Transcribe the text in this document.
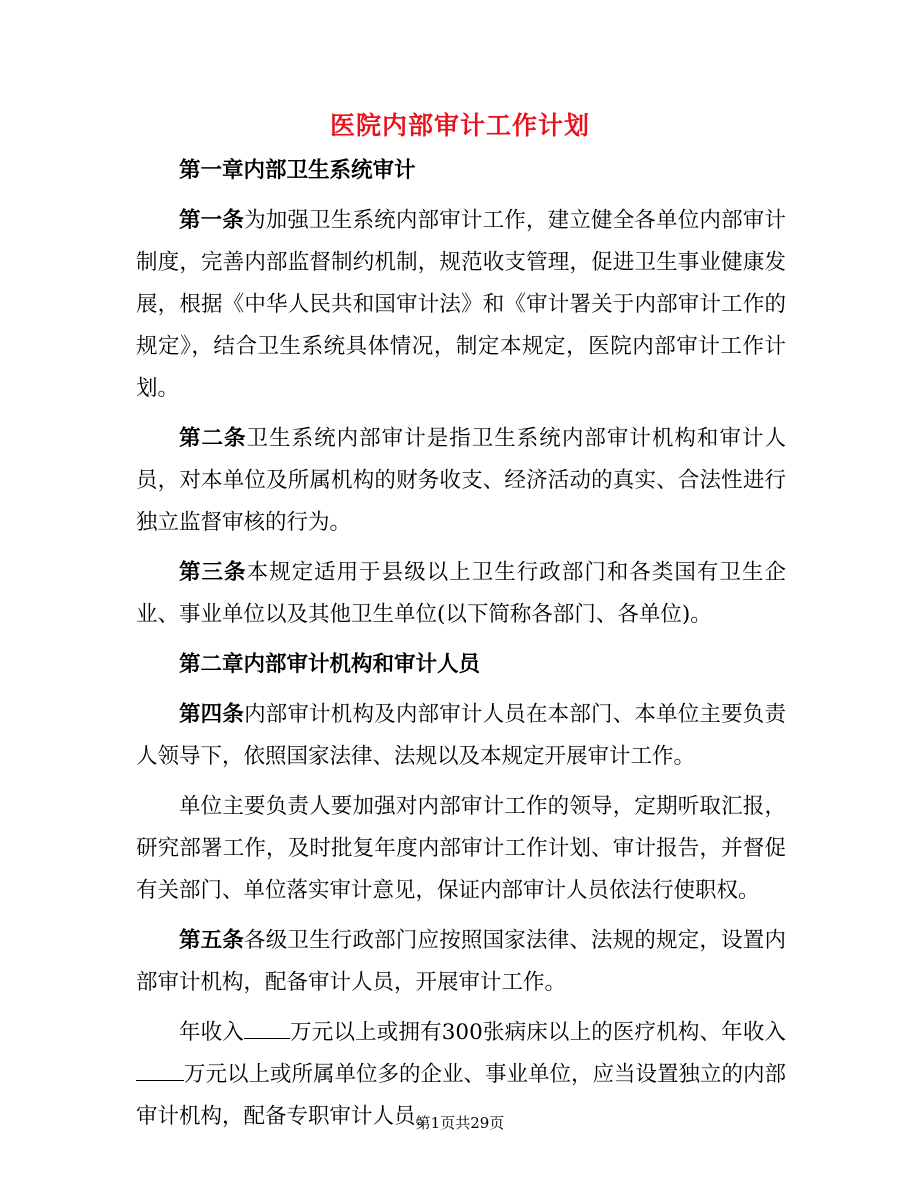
医院内部审计工作计划

第一章内部卫生系统审计

第一条为加强卫生系统内部审计工作，建立健全各单位内部审计制度，完善内部监督制约机制，规范收支管理，促进卫生事业健康发展，根据《中华人民共和国审计法》和《审计署关于内部审计工作的规定》，结合卫生系统具体情况，制定本规定，医院内部审计工作计划。

第二条卫生系统内部审计是指卫生系统内部审计机构和审计人员，对本单位及所属机构的财务收支、经济活动的真实、合法性进行独立监督审核的行为。

第三条本规定适用于县级以上卫生行政部门和各类国有卫生企业、事业单位以及其他卫生单位(以下简称各部门、各单位)。

第二章内部审计机构和审计人员

第四条内部审计机构及内部审计人员在本部门、本单位主要负责人领导下，依照国家法律、法规以及本规定开展审计工作。

单位主要负责人要加强对内部审计工作的领导，定期听取汇报，研究部署工作，及时批复年度内部审计工作计划、审计报告，并督促有关部门、单位落实审计意见，保证内部审计人员依法行使职权。

第五条各级卫生行政部门应按照国家法律、法规的规定，设置内部审计机构，配备审计人员，开展审计工作。

年收入 万元以上或拥有300张病床以上的医疗机构、年收入万元以上或所属单位多的企业、事业单位，应当设置独立的内部审计机构，配备专职审计人员。

第1页共29页
